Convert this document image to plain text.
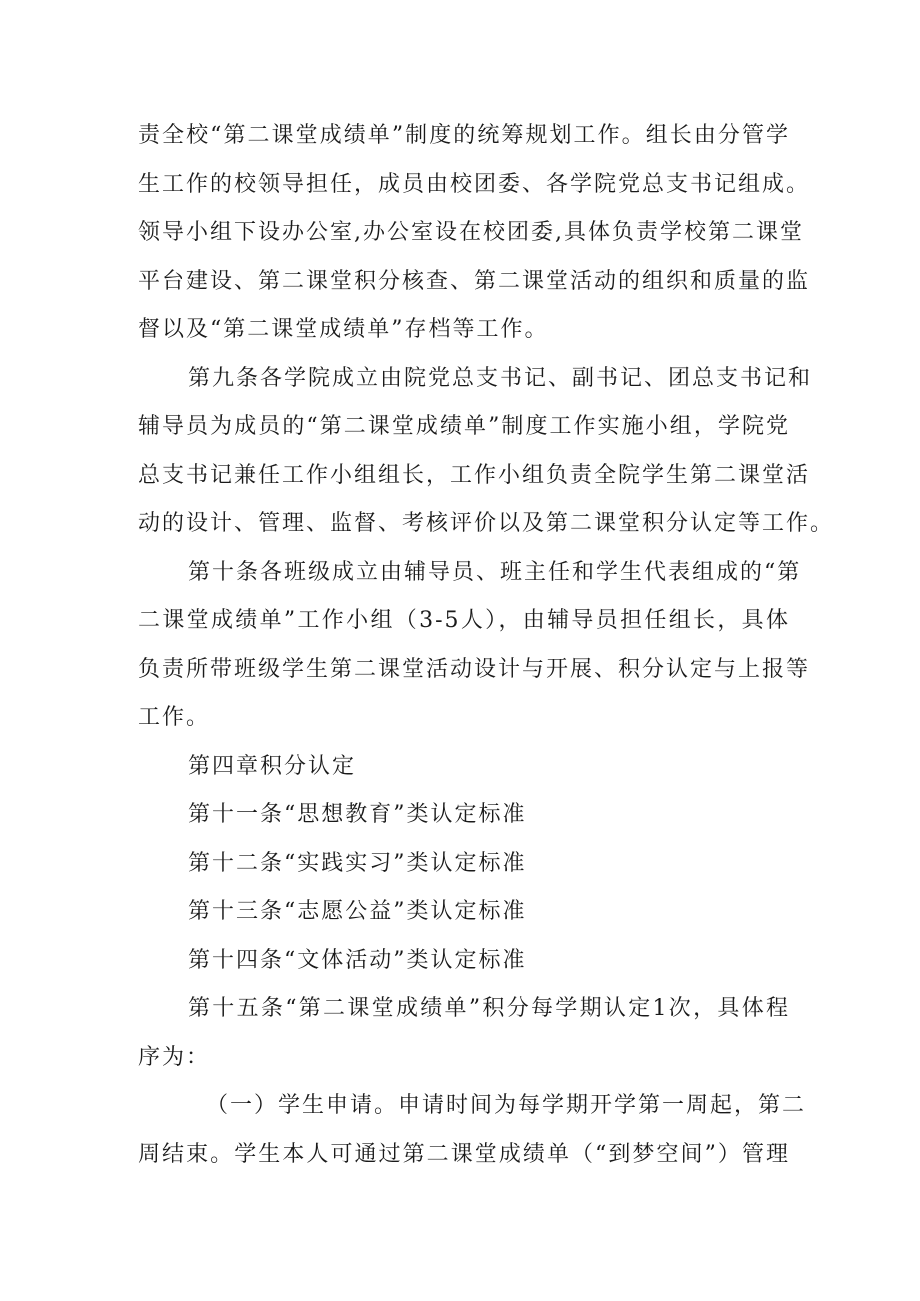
责全校“第二课堂成绩单”制度的统筹规划工作。组长由分管学
生工作的校领导担任，成员由校团委、各学院党总支书记组成。
领导小组下设办公室,办公室设在校团委,具体负责学校第二课堂
平台建设、第二课堂积分核查、第二课堂活动的组织和质量的监
督以及“第二课堂成绩单”存档等工作。
第九条各学院成立由院党总支书记、副书记、团总支书记和
辅导员为成员的“第二课堂成绩单”制度工作实施小组，学院党
总支书记兼任工作小组组长，工作小组负责全院学生第二课堂活
动的设计、管理、监督、考核评价以及第二课堂积分认定等工作。
第十条各班级成立由辅导员、班主任和学生代表组成的“第
二课堂成绩单”工作小组（3-5人），由辅导员担任组长，具体
负责所带班级学生第二课堂活动设计与开展、积分认定与上报等
工作。
第四章积分认定
第十一条“思想教育”类认定标准
第十二条“实践实习”类认定标准
第十三条“志愿公益”类认定标准
第十四条“文体活动”类认定标准
第十五条“第二课堂成绩单”积分每学期认定1次，具体程
序为：
（一）学生申请。申请时间为每学期开学第一周起，第二
周结束。学生本人可通过第二课堂成绩单（“到梦空间”）管理
